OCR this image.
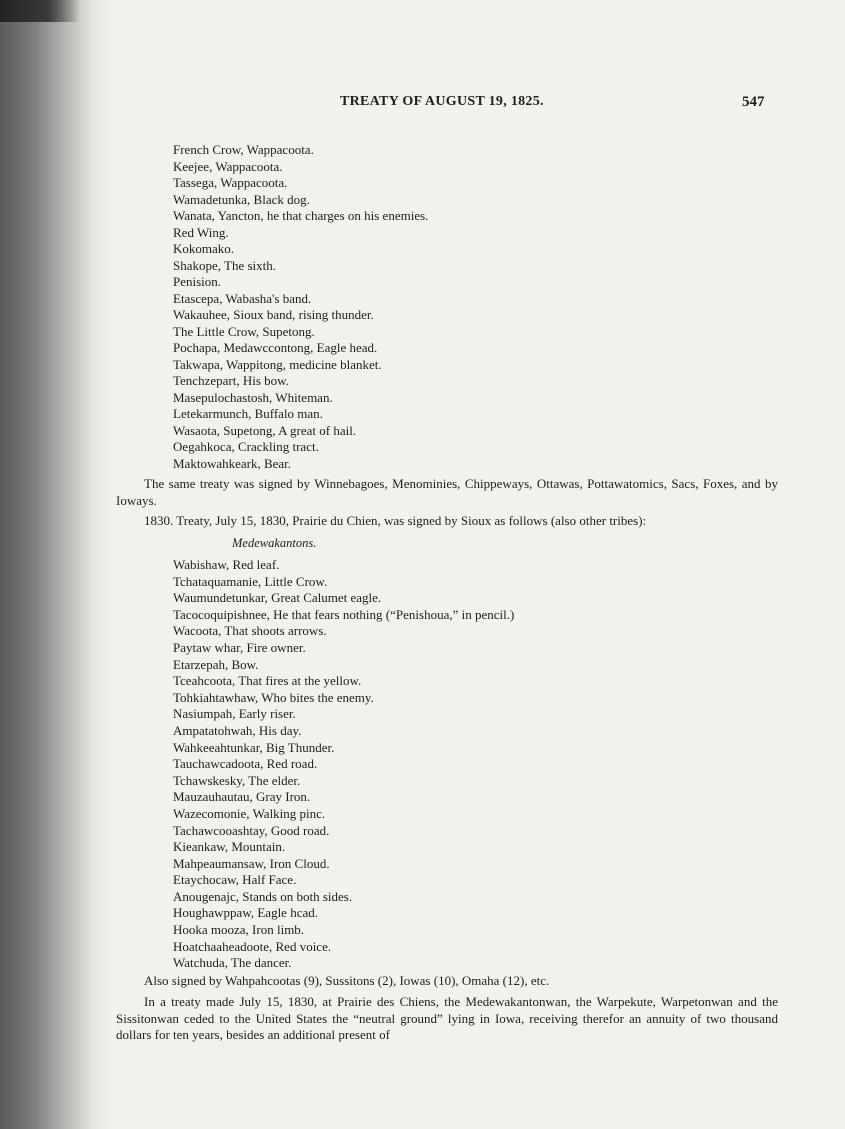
TREATY OF AUGUST 19, 1825.	547
French Crow, Wappacoota.
Keejee, Wappacoota.
Tassega, Wappacoota.
Wamadetunka, Black dog.
Wanata, Yancton, he that charges on his enemies.
Red Wing.
Kokomako.
Shakope, The sixth.
Penision.
Etascepa, Wabasha's band.
Wakauhee, Sioux band, rising thunder.
The Little Crow, Supetong.
Pochapa, Medawccontong, Eagle head.
Takwapa, Wappitong, medicine blanket.
Tenchzepart, His bow.
Masepulochastosh, Whiteman.
Letekarmunch, Buffalo man.
Wasaota, Supetong, A great of hail.
Oegahkoca, Crackling tract.
Maktowahkeark, Bear.

The same treaty was signed by Winnebagoes, Menominies, Chippeways, Ottawas, Pottawatomics, Sacs, Foxes, and by Ioways.

1830. Treaty, July 15, 1830, Prairie du Chien, was signed by Sioux as follows (also other tribes):

Medewakantons.
Wabishaw, Red leaf.
Tchataquamanie, Little Crow.
Waumundetunkar, Great Calumet eagle.
Tacocoquipishnee, He that fears nothing (“Penishoua,” in pencil.)
Wacoota, That shoots arrows.
Paytaw whar, Fire owner.
Etarzepah, Bow.
Tceahcoota, That fires at the yellow.
Tohkiahtawhaw, Who bites the enemy.
Nasiumpah, Early riser.
Ampatatohwah, His day.
Wahkeeahtunkar, Big Thunder.
Tauchawcadoota, Red road.
Tchawskesky, The elder.
Mauzauhautau, Gray Iron.
Wazecomonie, Walking pinc.
Tachawcooashtay, Good road.
Kieankaw, Mountain.
Mahpeaumansaw, Iron Cloud.
Etaychocaw, Half Face.
Anougenajc, Stands on both sides.
Houghawppaw, Eagle hcad.
Hooka mooza, Iron limb.
Hoatchaaheadoote, Red voice.
Watchuda, The dancer.

Also signed by Wahpahcootas (9), Sussitons (2), Iowas (10), Omaha (12), etc.

In a treaty made July 15, 1830, at Prairie des Chiens, the Medewakantonwan, the Warpekute, Warpetonwan and the Sissitonwan ceded to the United States the “neutral ground” lying in Iowa, receiving therefor an annuity of two thousand dollars for ten years, besides an additional present of
